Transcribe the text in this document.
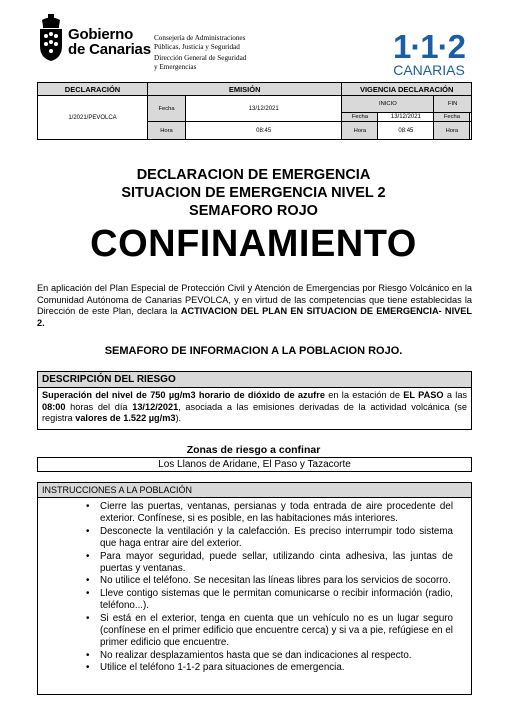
Gobierno
de Canarias
Consejería de Administraciones
Públicas, Justicia y Seguridad
Dirección General de Seguridad
y Emergencias
1·1·2
CANARIAS
DECLARACIÓN	EMISIÓN		VIGENCIA DECLARACIÓN			
1/2021/PEVOLCA	Fecha	13/12/2021	INICIO		FIN	
			Fecha	13/12/2021	Fecha	
	Hora	08:45	Hora	08:45	Hora	
DECLARACION DE EMERGENCIA
SITUACION DE EMERGENCIA NIVEL 2
SEMAFORO ROJO
CONFINAMIENTO
En aplicación del Plan Especial de Protección Civil y Atención de Emergencias por Riesgo Volcánico en la Comunidad Autónoma de Canarias PEVOLCA, y en virtud de las competencias que tiene establecidas la Dirección de este Plan, declara la ACTIVACION DEL PLAN EN SITUACION DE EMERGENCIA- NIVEL 2.
SEMAFORO DE INFORMACION A LA POBLACION ROJO.
DESCRIPCIÓN DEL RIESGO
Superación del nivel de 750 µg/m3 horario de dióxido de azufre en la estación de EL PASO a las 08:00 horas del día 13/12/2021, asociada a las emisiones derivadas de la actividad volcánica (se registra valores de 1.522 µg/m3).
Zonas de riesgo a confinar
Los Llanos de Aridane, El Paso y Tazacorte
INSTRUCCIONES A LA POBLACIÓN
• Cierre las puertas, ventanas, persianas y toda entrada de aire procedente del exterior. Confínese, si es posible, en las habitaciones más interiores.
• Desconecte la ventilación y la calefacción. Es preciso interrumpir todo sistema que haga entrar aire del exterior.
• Para mayor seguridad, puede sellar, utilizando cinta adhesiva, las juntas de puertas y ventanas.
• No utilice el teléfono. Se necesitan las líneas libres para los servicios de socorro.
• Lleve contigo sistemas que le permitan comunicarse o recibir información (radio, teléfono...).
• Si está en el exterior, tenga en cuenta que un vehículo no es un lugar seguro (confínese en el primer edificio que encuentre cerca) y si va a pie, refúgiese en el primer edificio que encuentre.
• No realizar desplazamientos hasta que se dan indicaciones al respecto.
• Utilice el teléfono 1-1-2 para situaciones de emergencia.
